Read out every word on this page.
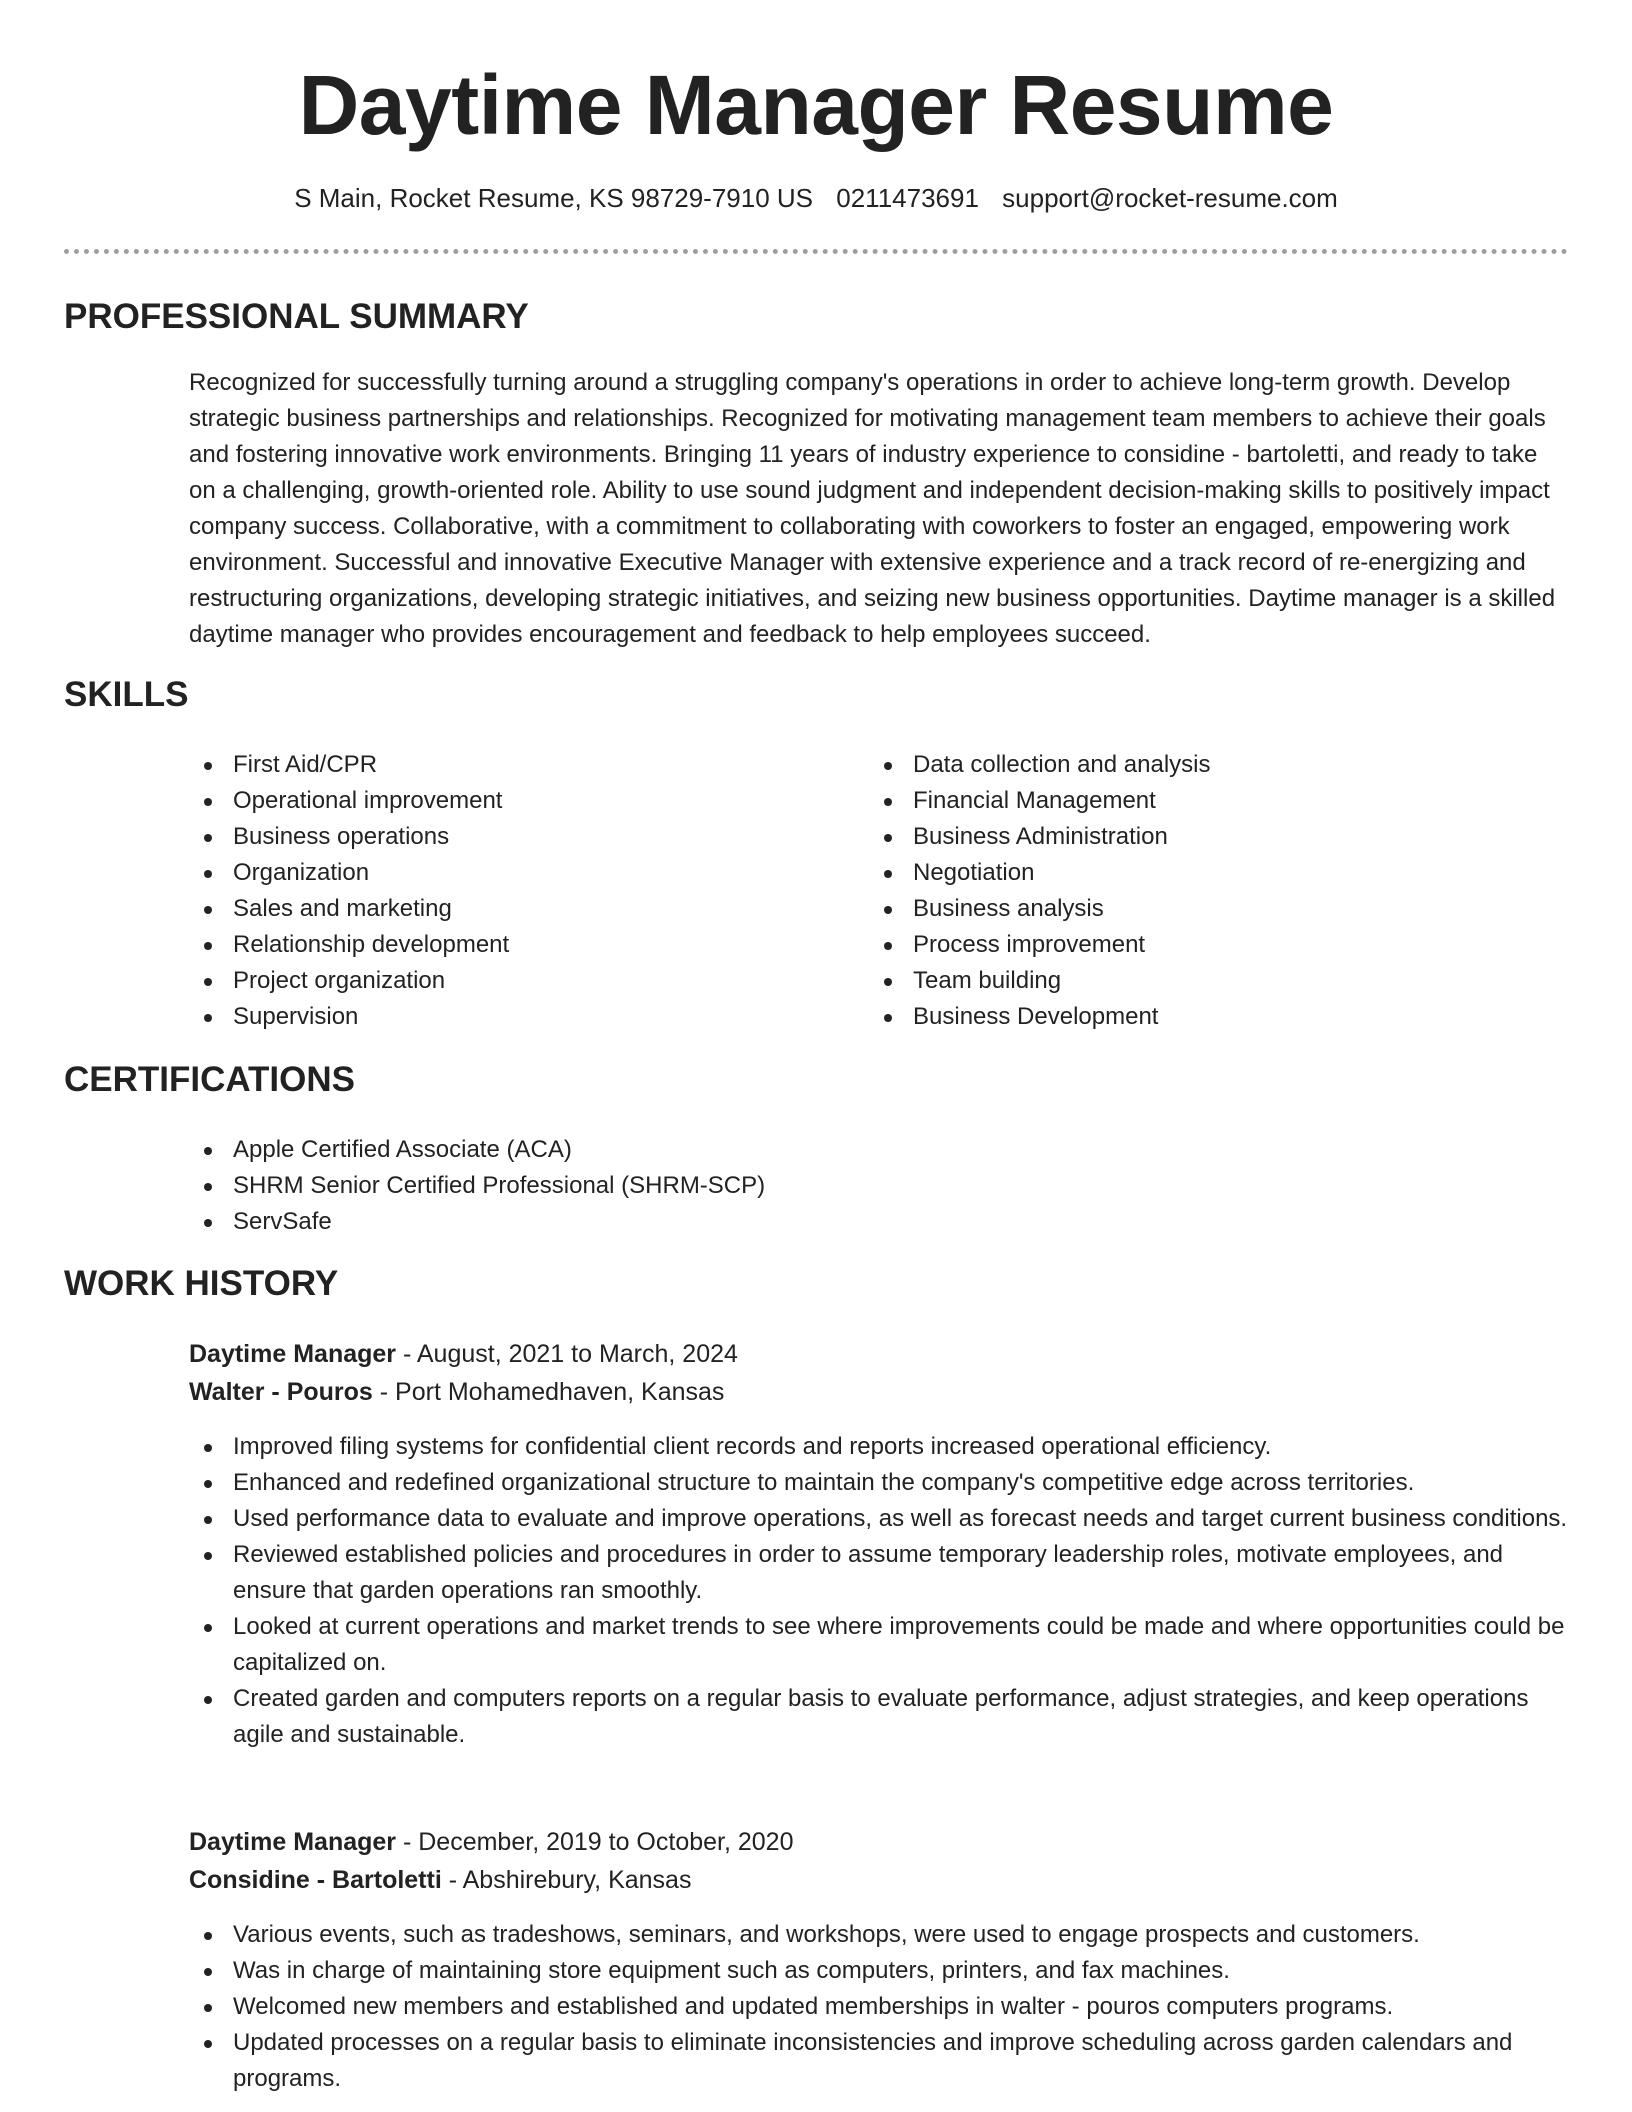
Daytime Manager Resume
S Main, Rocket Resume, KS 98729-7910 US 0211473691 support@rocket-resume.com
PROFESSIONAL SUMMARY

Recognized for successfully turning around a struggling company's operations in order to achieve long-term growth. Develop strategic business partnerships and relationships. Recognized for motivating management team members to achieve their goals and fostering innovative work environments. Bringing 11 years of industry experience to considine - bartoletti, and ready to take on a challenging, growth-oriented role. Ability to use sound judgment and independent decision-making skills to positively impact company success. Collaborative, with a commitment to collaborating with coworkers to foster an engaged, empowering work environment. Successful and innovative Executive Manager with extensive experience and a track record of re-energizing and restructuring organizations, developing strategic initiatives, and seizing new business opportunities. Daytime manager is a skilled daytime manager who provides encouragement and feedback to help employees succeed.

SKILLS
First Aid/CPR
Operational improvement
Business operations
Organization
Sales and marketing
Relationship development
Project organization
Supervision
Data collection and analysis
Financial Management
Business Administration
Negotiation
Business analysis
Process improvement
Team building
Business Development
CERTIFICATIONS
Apple Certified Associate (ACA)
SHRM Senior Certified Professional (SHRM-SCP)
ServSafe
WORK HISTORY
Daytime Manager - August, 2021 to March, 2024
Walter - Pouros - Port Mohamedhaven, Kansas
Improved filing systems for confidential client records and reports increased operational efficiency.
Enhanced and redefined organizational structure to maintain the company's competitive edge across territories.
Used performance data to evaluate and improve operations, as well as forecast needs and target current business conditions.
Reviewed established policies and procedures in order to assume temporary leadership roles, motivate employees, and ensure that garden operations ran smoothly.
Looked at current operations and market trends to see where improvements could be made and where opportunities could be capitalized on.
Created garden and computers reports on a regular basis to evaluate performance, adjust strategies, and keep operations agile and sustainable.
Daytime Manager - December, 2019 to October, 2020
Considine - Bartoletti - Abshirebury, Kansas
Various events, such as tradeshows, seminars, and workshops, were used to engage prospects and customers.
Was in charge of maintaining store equipment such as computers, printers, and fax machines.
Welcomed new members and established and updated memberships in walter - pouros computers programs.
Updated processes on a regular basis to eliminate inconsistencies and improve scheduling across garden calendars and programs.
